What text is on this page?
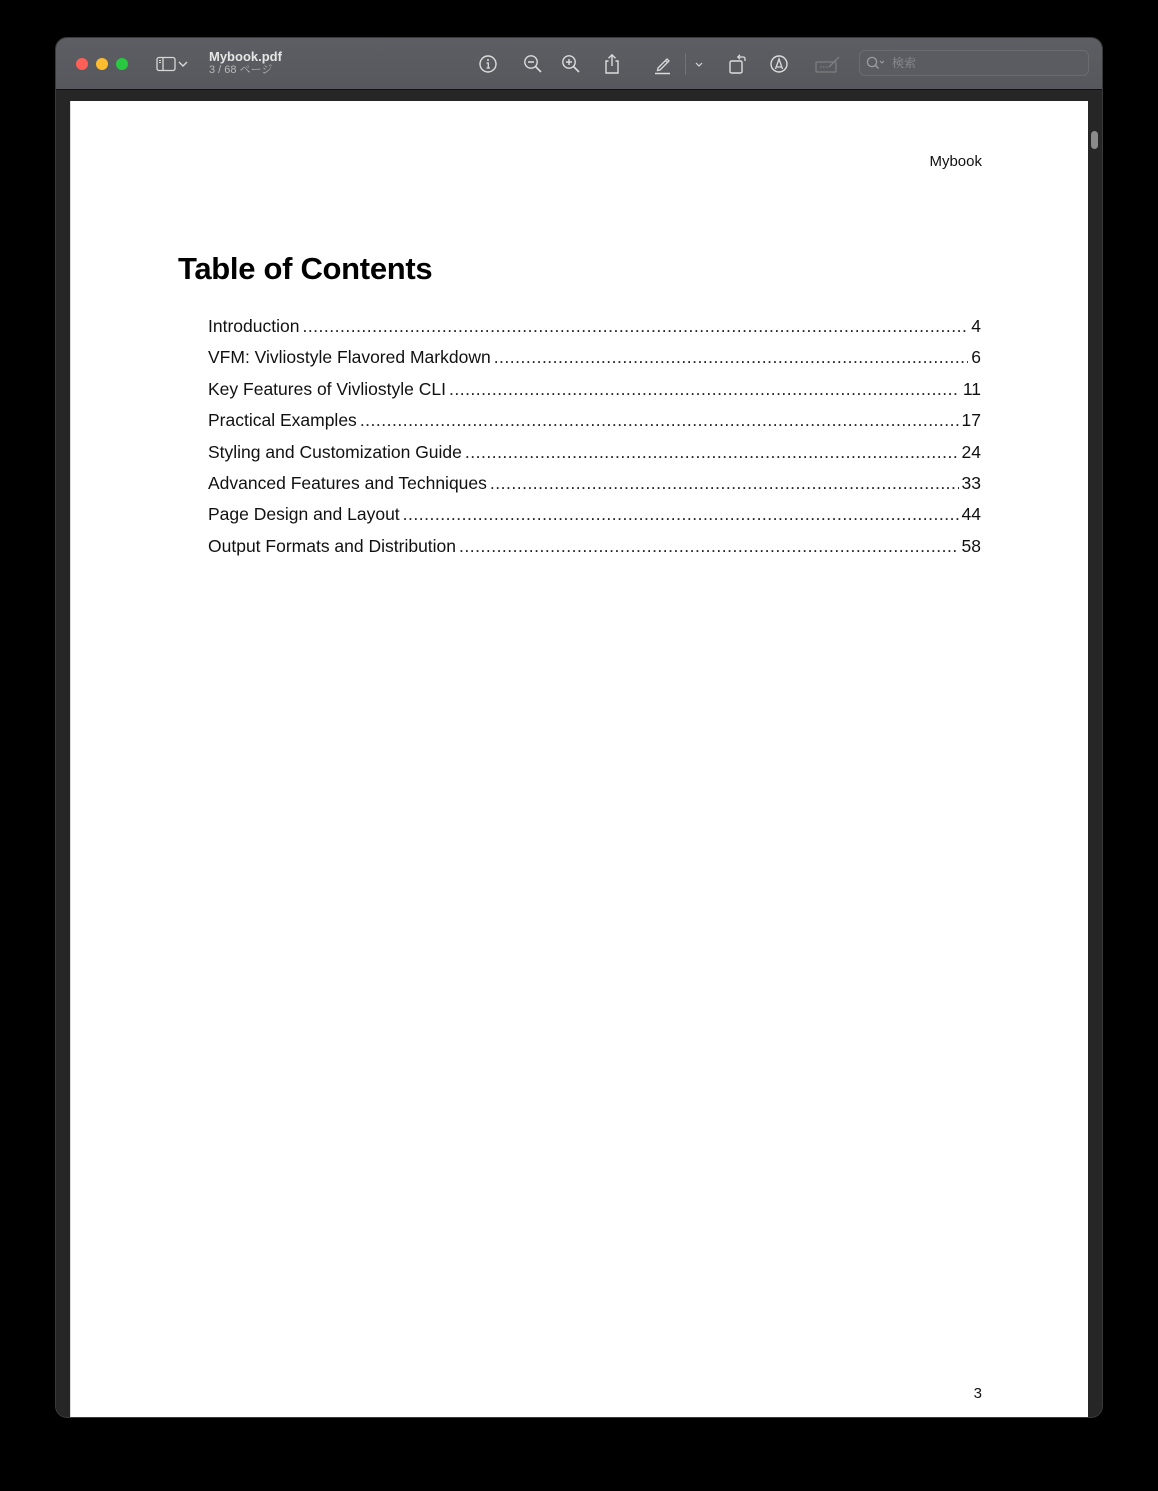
Mybook.pdf
3 / 68 ページ
検索
Mybook
Table of Contents
Introduction .....	4
VFM: Vivliostyle Flavored Markdown .....	6
Key Features of Vivliostyle CLI .....	11
Practical Examples .....	17
Styling and Customization Guide .....	24
Advanced Features and Techniques .....	33
Page Design and Layout .....	44
Output Formats and Distribution .....	58
3
